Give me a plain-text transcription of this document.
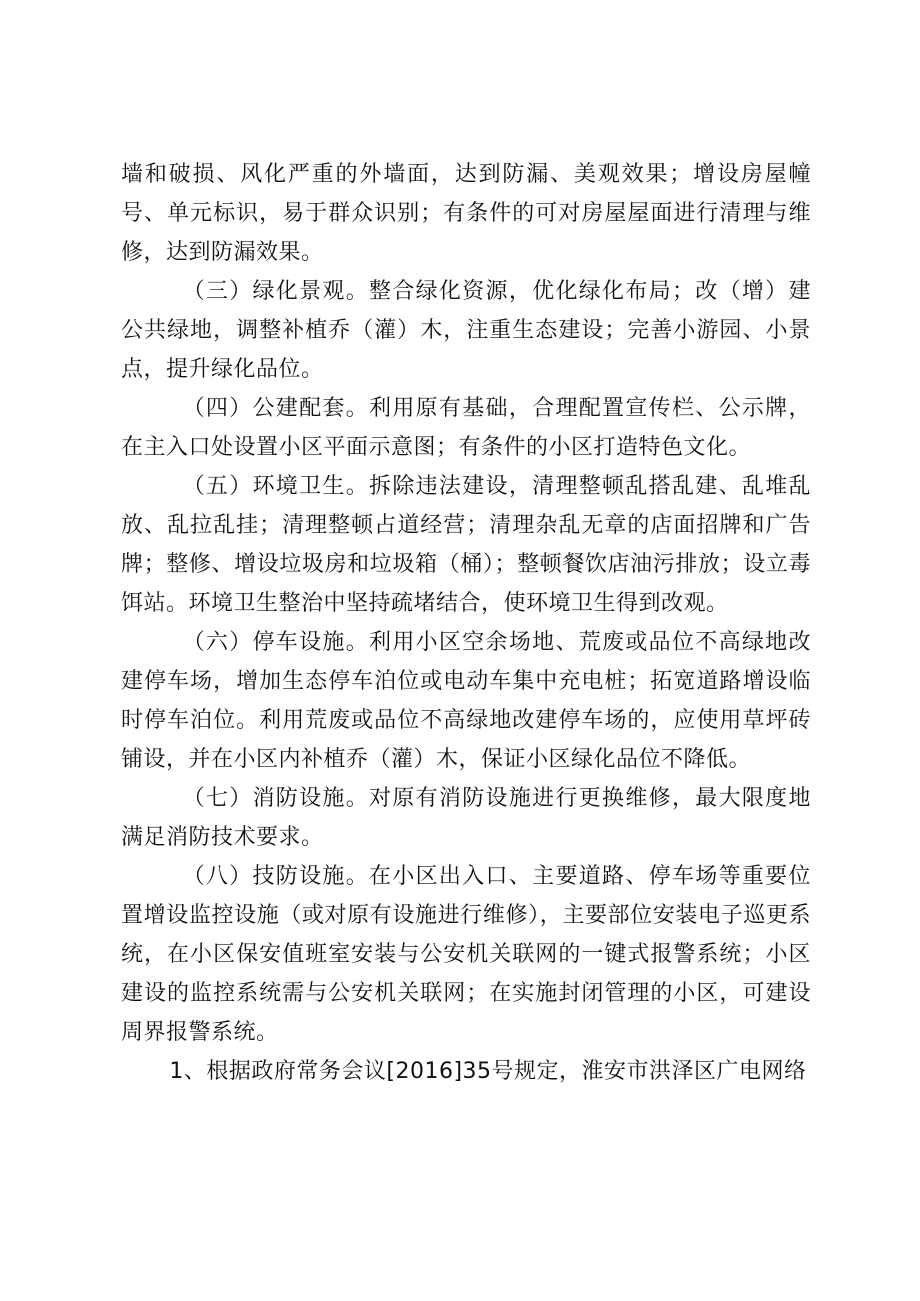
墙和破损、风化严重的外墙面，达到防漏、美观效果；增设房屋幢号、单元标识，易于群众识别；有条件的可对房屋屋面进行清理与维修，达到防漏效果。

（三）绿化景观。整合绿化资源，优化绿化布局；改（增）建公共绿地，调整补植乔（灌）木，注重生态建设；完善小游园、小景点，提升绿化品位。

（四）公建配套。利用原有基础，合理配置宣传栏、公示牌，在主入口处设置小区平面示意图；有条件的小区打造特色文化。

（五）环境卫生。拆除违法建设，清理整顿乱搭乱建、乱堆乱放、乱拉乱挂；清理整顿占道经营；清理杂乱无章的店面招牌和广告牌；整修、增设垃圾房和垃圾箱（桶）；整顿餐饮店油污排放；设立毒饵站。环境卫生整治中坚持疏堵结合，使环境卫生得到改观。

（六）停车设施。利用小区空余场地、荒废或品位不高绿地改建停车场，增加生态停车泊位或电动车集中充电桩；拓宽道路增设临时停车泊位。利用荒废或品位不高绿地改建停车场的，应使用草坪砖铺设，并在小区内补植乔（灌）木，保证小区绿化品位不降低。

（七）消防设施。对原有消防设施进行更换维修，最大限度地满足消防技术要求。

（八）技防设施。在小区出入口、主要道路、停车场等重要位置增设监控设施（或对原有设施进行维修），主要部位安装电子巡更系统，在小区保安值班室安装与公安机关联网的一键式报警系统；小区建设的监控系统需与公安机关联网；在实施封闭管理的小区，可建设周界报警系统。

1、根据政府常务会议[2016]35号规定，淮安市洪泽区广电网络
